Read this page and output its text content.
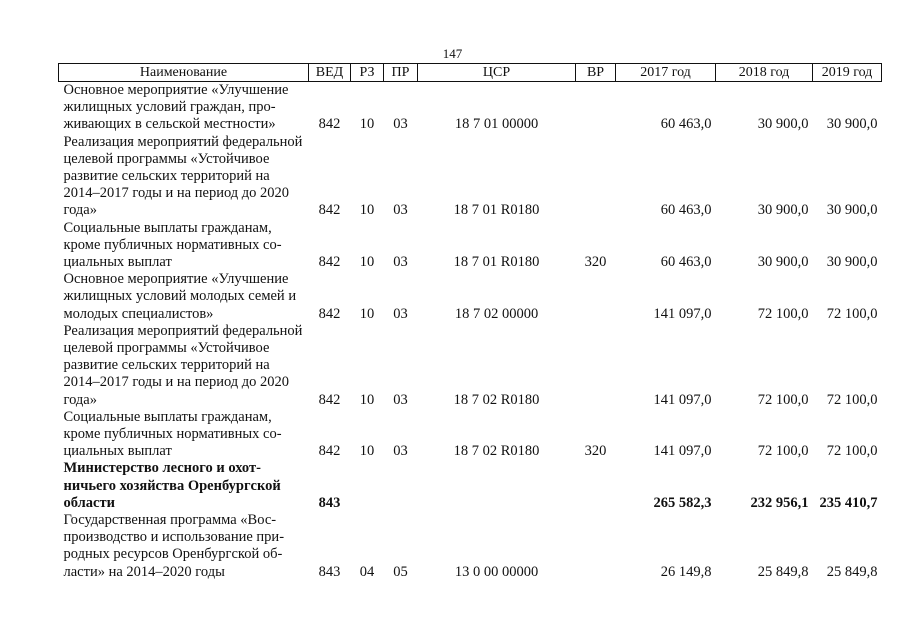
147
Наименование	ВЕД	РЗ	ПР	ЦСР	ВР	2017 год	2018 год	2019 год
Основное мероприятие «Улучшение жилищных условий граждан, проживающих в сельской местности»	842	10	03	18 7 01 00000		60 463,0	30 900,0	30 900,0
Реализация мероприятий федеральной целевой программы «Устойчивое развитие сельских территорий на 2014–2017 годы и на период до 2020 года»	842	10	03	18 7 01 R0180		60 463,0	30 900,0	30 900,0
Социальные выплаты гражданам, кроме публичных нормативных социальных выплат	842	10	03	18 7 01 R0180	320	60 463,0	30 900,0	30 900,0
Основное мероприятие «Улучшение жилищных условий молодых семей и молодых специалистов»	842	10	03	18 7 02 00000		141 097,0	72 100,0	72 100,0
Реализация мероприятий федеральной целевой программы «Устойчивое развитие сельских территорий на 2014–2017 годы и на период до 2020 года»	842	10	03	18 7 02 R0180		141 097,0	72 100,0	72 100,0
Социальные выплаты гражданам, кроме публичных нормативных социальных выплат	842	10	03	18 7 02 R0180	320	141 097,0	72 100,0	72 100,0
Министерство лесного и охотничьего хозяйства Оренбургской области	843					265 582,3	232 956,1	235 410,7
Государственная программа «Воспроизводство и использование природных ресурсов Оренбургской области» на 2014–2020 годы	843	04	05	13 0 00 00000		26 149,8	25 849,8	25 849,8
